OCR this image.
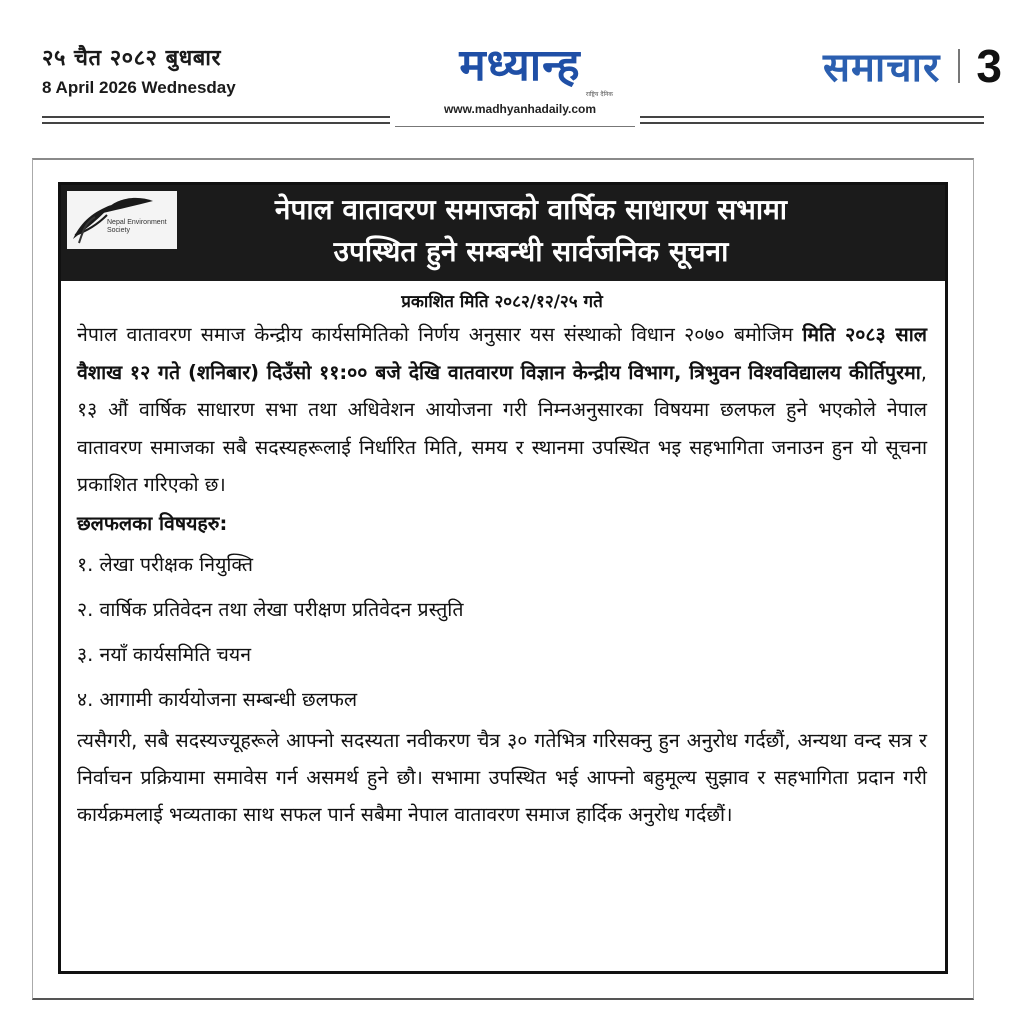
२५ चैत २०८२ बुधबार
8 April 2026 Wednesday	मध्यान्ह
राष्ट्रिय दैनिक
www.madhyanhadaily.com
समाचार 3
Nepal Environment Society
नेपाल वातावरण समाजको वार्षिक साधारण सभामा
उपस्थित हुने सम्बन्धी सार्वजनिक सूचना
प्रकाशित मिति २०८२/१२/२५ गते
नेपाल वातावरण समाज केन्द्रीय कार्यसमितिको निर्णय अनुसार यस संस्थाको विधान २०७० बमोजिम मिति २०८३ साल वैशाख १२ गते (शनिबार) दिउँसो ११:०० बजे देखि वातवारण विज्ञान केन्द्रीय विभाग, त्रिभुवन विश्वविद्यालय कीर्तिपुरमा, १३ औं वार्षिक साधारण सभा तथा अधिवेशन आयोजना गरी निम्नअनुसारका विषयमा छलफल हुने भएकोले नेपाल वातावरण समाजका सबै सदस्यहरूलाई निर्धारित मिति, समय र स्थानमा उपस्थित भइ सहभागिता जनाउन हुन यो सूचना प्रकाशित गरिएको छ।
छलफलका विषयहरु:
१. लेखा परीक्षक नियुक्ति
२. वार्षिक प्रतिवेदन तथा लेखा परीक्षण प्रतिवेदन प्रस्तुति
३. नयाँ कार्यसमिति चयन
४. आगामी कार्ययोजना सम्बन्धी छलफल
त्यसैगरी, सबै सदस्यज्यूहरूले आफ्नो सदस्यता नवीकरण चैत्र ३० गतेभित्र गरिसक्नु हुन अनुरोध गर्दछौं, अन्यथा वन्द सत्र र निर्वाचन प्रक्रियामा समावेस गर्न असमर्थ हुने छौ। सभामा उपस्थित भई आफ्नो बहुमूल्य सुझाव र सहभागिता प्रदान गरी कार्यक्रमलाई भव्यताका साथ सफल पार्न सबैमा नेपाल वातावरण समाज हार्दिक अनुरोध गर्दछौं।
